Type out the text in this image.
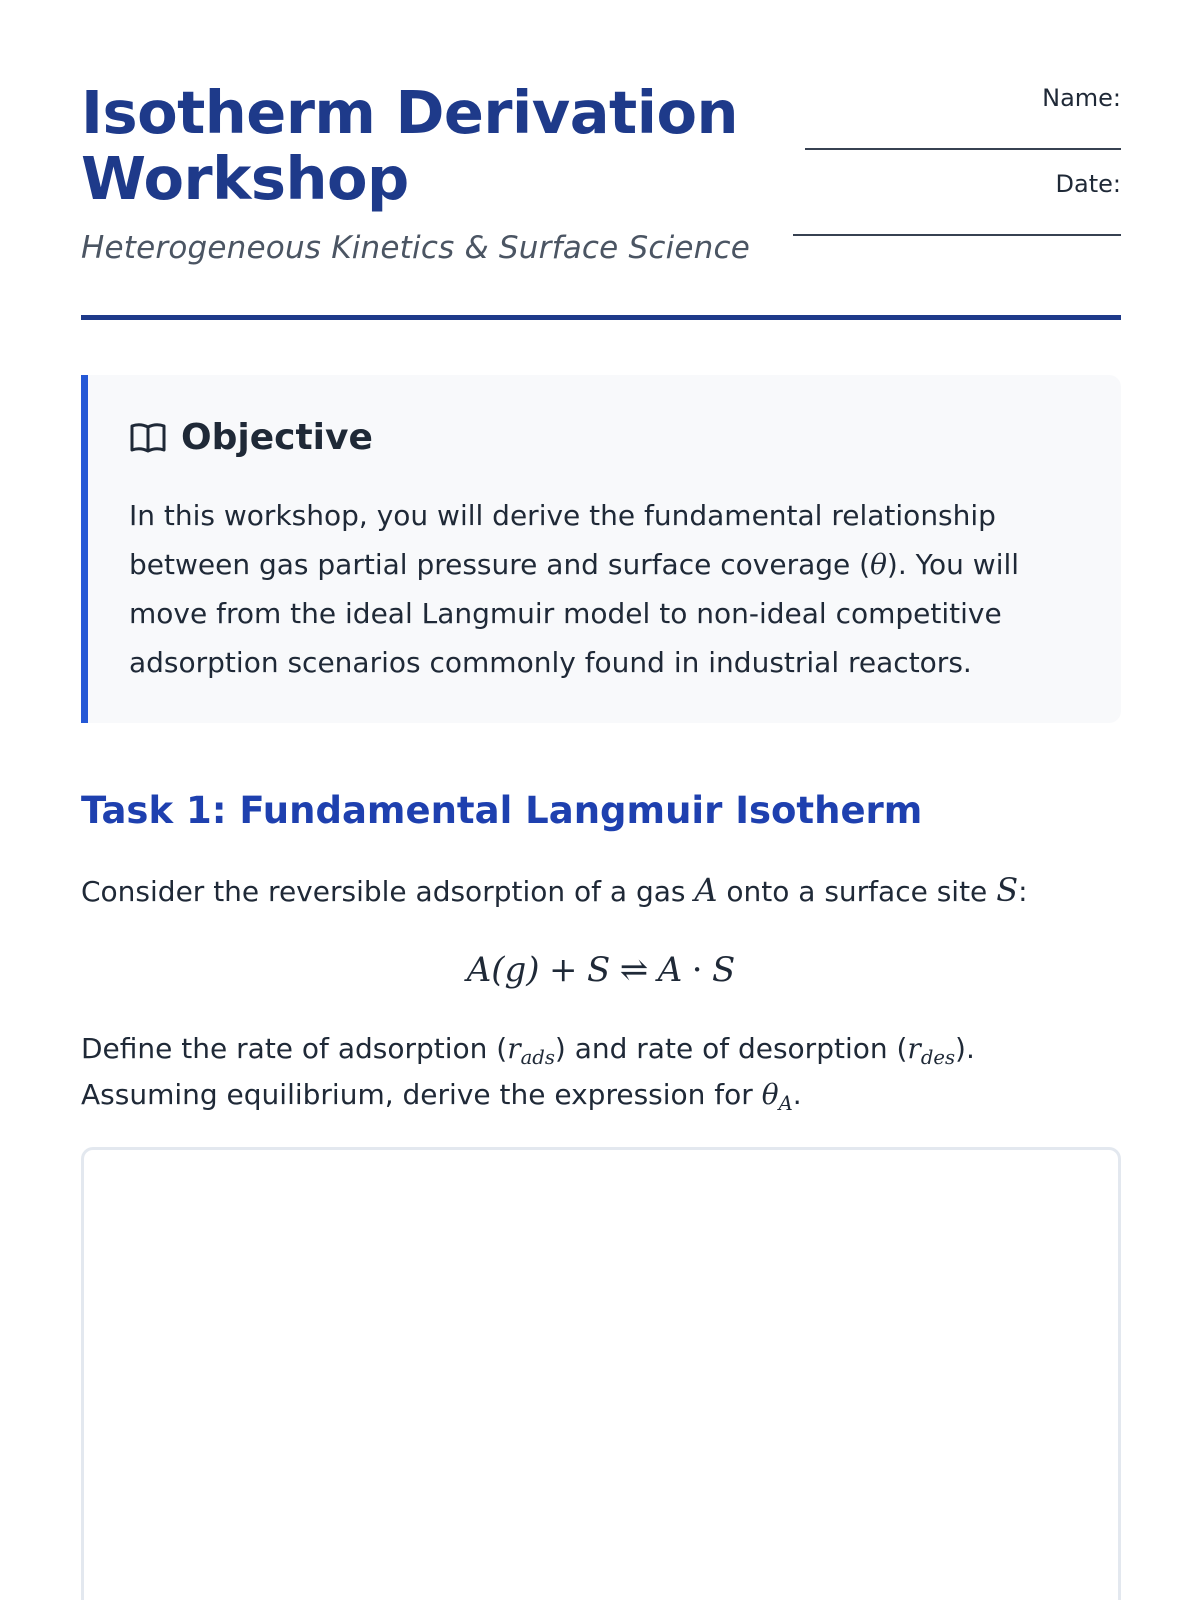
Isotherm Derivation Workshop
Heterogeneous Kinetics & Surface Science
Name:
Date:
Objective

In this workshop, you will derive the fundamental relationship between gas partial pressure and surface coverage (θ). You will move from the ideal Langmuir model to non-ideal competitive adsorption scenarios commonly found in industrial reactors.

Task 1: Fundamental Langmuir Isotherm

Consider the reversible adsorption of a gas A onto a surface site S:

A(g) + S ⇌ A · S

Define the rate of adsorption $(r_{ads})$ and rate of desorption $(r_{des})$.
Assuming equilibrium, derive the expression for $\theta_A$.
